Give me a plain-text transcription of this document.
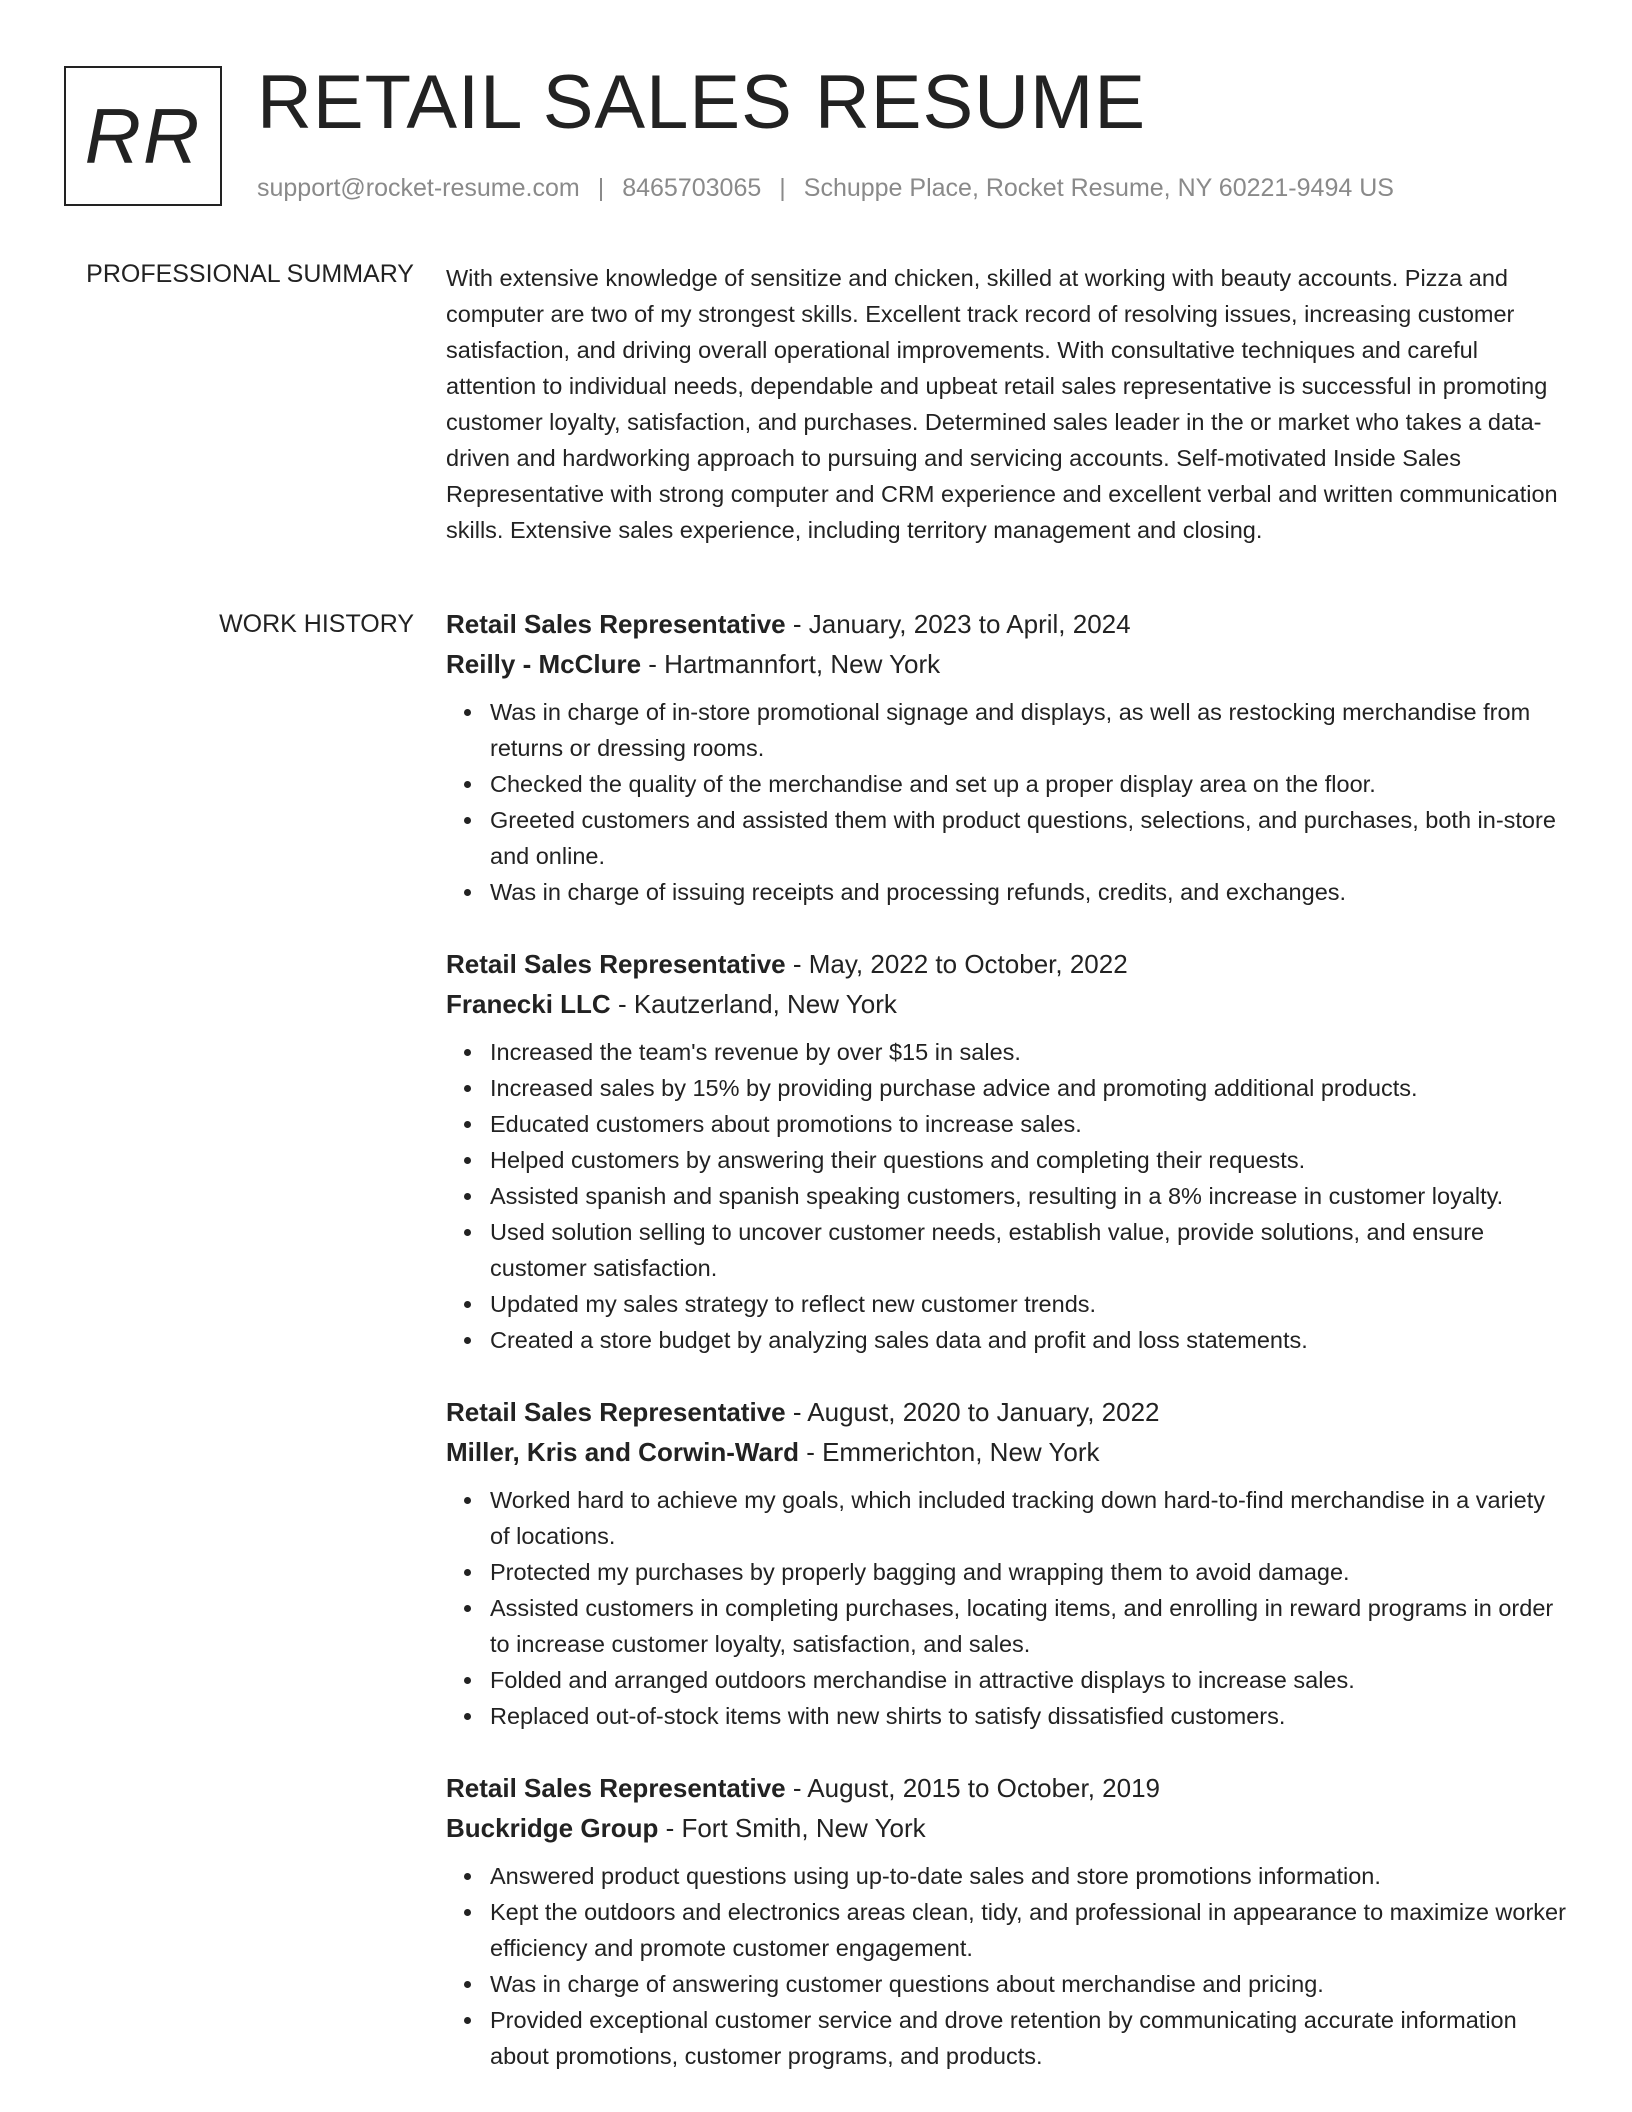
RR RETAIL SALES RESUME
support@rocket-resume.com | 8465703065 | Schuppe Place, Rocket Resume, NY 60221-9494 US
PROFESSIONAL SUMMARY With extensive knowledge of sensitize and chicken, skilled at working with beauty accounts. Pizza and computer are two of my strongest skills. Excellent track record of resolving issues, increasing customer satisfaction, and driving overall operational improvements. With consultative techniques and careful attention to individual needs, dependable and upbeat retail sales representative is successful in promoting customer loyalty, satisfaction, and purchases. Determined sales leader in the or market who takes a data-driven and hardworking approach to pursuing and servicing accounts. Self-motivated Inside Sales Representative with strong computer and CRM experience and excellent verbal and written communication skills. Extensive sales experience, including territory management and closing.
WORK HISTORY Retail Sales Representative - January, 2023 to April, 2024
Reilly - McClure - Hartmannfort, New York
Was in charge of in-store promotional signage and displays, as well as restocking merchandise from returns or dressing rooms.
Checked the quality of the merchandise and set up a proper display area on the floor.
Greeted customers and assisted them with product questions, selections, and purchases, both in-store and online.
Was in charge of issuing receipts and processing refunds, credits, and exchanges.
Retail Sales Representative - May, 2022 to October, 2022
Franecki LLC - Kautzerland, New York
Increased the team's revenue by over $15 in sales.
Increased sales by 15% by providing purchase advice and promoting additional products.
Educated customers about promotions to increase sales.
Helped customers by answering their questions and completing their requests.
Assisted spanish and spanish speaking customers, resulting in a 8% increase in customer loyalty.
Used solution selling to uncover customer needs, establish value, provide solutions, and ensure customer satisfaction.
Updated my sales strategy to reflect new customer trends.
Created a store budget by analyzing sales data and profit and loss statements.
Retail Sales Representative - August, 2020 to January, 2022
Miller, Kris and Corwin-Ward - Emmerichton, New York
Worked hard to achieve my goals, which included tracking down hard-to-find merchandise in a variety of locations.
Protected my purchases by properly bagging and wrapping them to avoid damage.
Assisted customers in completing purchases, locating items, and enrolling in reward programs in order to increase customer loyalty, satisfaction, and sales.
Folded and arranged outdoors merchandise in attractive displays to increase sales.
Replaced out-of-stock items with new shirts to satisfy dissatisfied customers.
Retail Sales Representative - August, 2015 to October, 2019
Buckridge Group - Fort Smith, New York
Answered product questions using up-to-date sales and store promotions information.
Kept the outdoors and electronics areas clean, tidy, and professional in appearance to maximize worker efficiency and promote customer engagement.
Was in charge of answering customer questions about merchandise and pricing.
Provided exceptional customer service and drove retention by communicating accurate information about promotions, customer programs, and products.
